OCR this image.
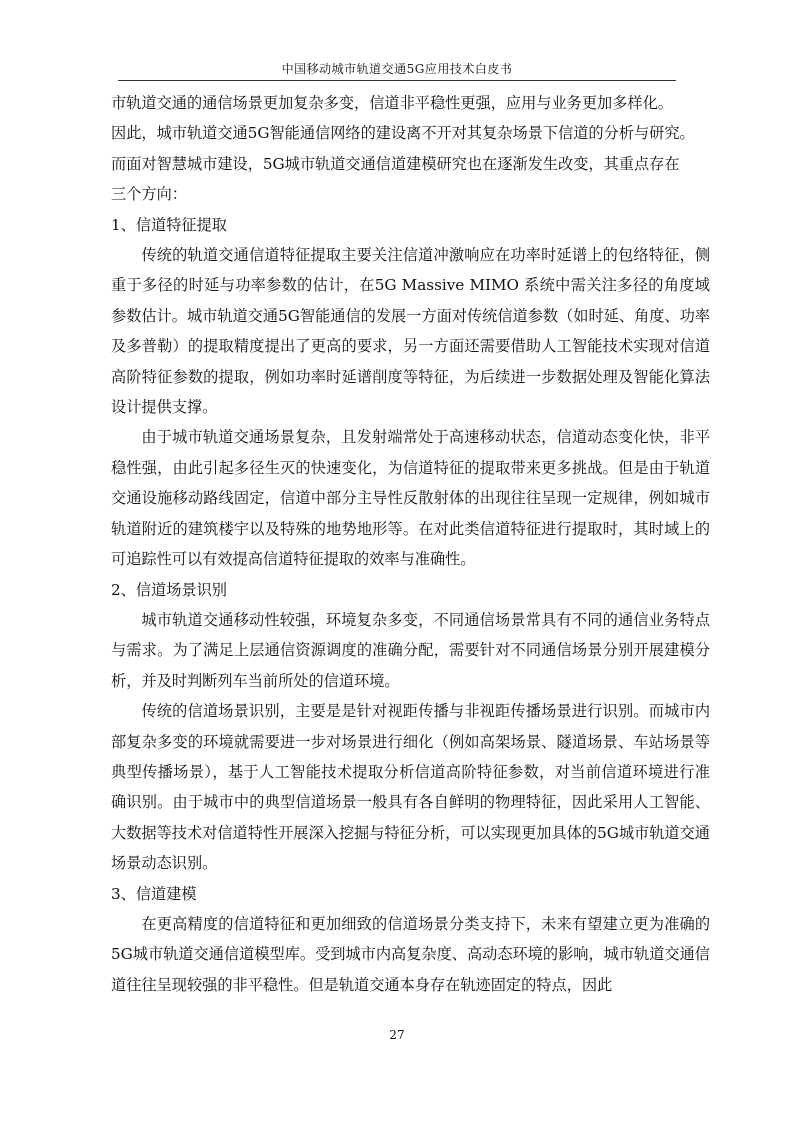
中国移动城市轨道交通5G应用技术白皮书

市轨道交通的通信场景更加复杂多变，信道非平稳性更强，应用与业务更加多样化。
因此，城市轨道交通5G智能通信网络的建设离不开对其复杂场景下信道的分析与研究。
而面对智慧城市建设，5G城市轨道交通信道建模研究也在逐渐发生改变，其重点存在
三个方向：

1、信道特征提取

传统的轨道交通信道特征提取主要关注信道冲激响应在功率时延谱上的包络特征，侧重于多径的时延与功率参数的估计，在5G Massive MIMO 系统中需关注多径的角度域参数估计。城市轨道交通5G智能通信的发展一方面对传统信道参数（如时延、角度、功率及多普勒）的提取精度提出了更高的要求，另一方面还需要借助人工智能技术实现对信道高阶特征参数的提取，例如功率时延谱削度等特征，为后续进一步数据处理及智能化算法设计提供支撑。

由于城市轨道交通场景复杂，且发射端常处于高速移动状态，信道动态变化快，非平稳性强，由此引起多径生灭的快速变化，为信道特征的提取带来更多挑战。但是由于轨道交通设施移动路线固定，信道中部分主导性反散射体的出现往往呈现一定规律，例如城市轨道附近的建筑楼宇以及特殊的地势地形等。在对此类信道特征进行提取时，其时域上的可追踪性可以有效提高信道特征提取的效率与准确性。

2、信道场景识别

城市轨道交通移动性较强，环境复杂多变，不同通信场景常具有不同的通信业务特点与需求。为了满足上层通信资源调度的准确分配，需要针对不同通信场景分别开展建模分析，并及时判断列车当前所处的信道环境。

传统的信道场景识别，主要是是针对视距传播与非视距传播场景进行识别。而城市内部复杂多变的环境就需要进一步对场景进行细化（例如高架场景、隧道场景、车站场景等典型传播场景），基于人工智能技术提取分析信道高阶特征参数，对当前信道环境进行准确识别。由于城市中的典型信道场景一般具有各自鲜明的物理特征，因此采用人工智能、大数据等技术对信道特性开展深入挖掘与特征分析，可以实现更加具体的5G城市轨道交通场景动态识别。

3、信道建模

在更高精度的信道特征和更加细致的信道场景分类支持下，未来有望建立更为准确的5G城市轨道交通信道模型库。受到城市内高复杂度、高动态环境的影响，城市轨道交通信道往往呈现较强的非平稳性。但是轨道交通本身存在轨迹固定的特点，因此

27
